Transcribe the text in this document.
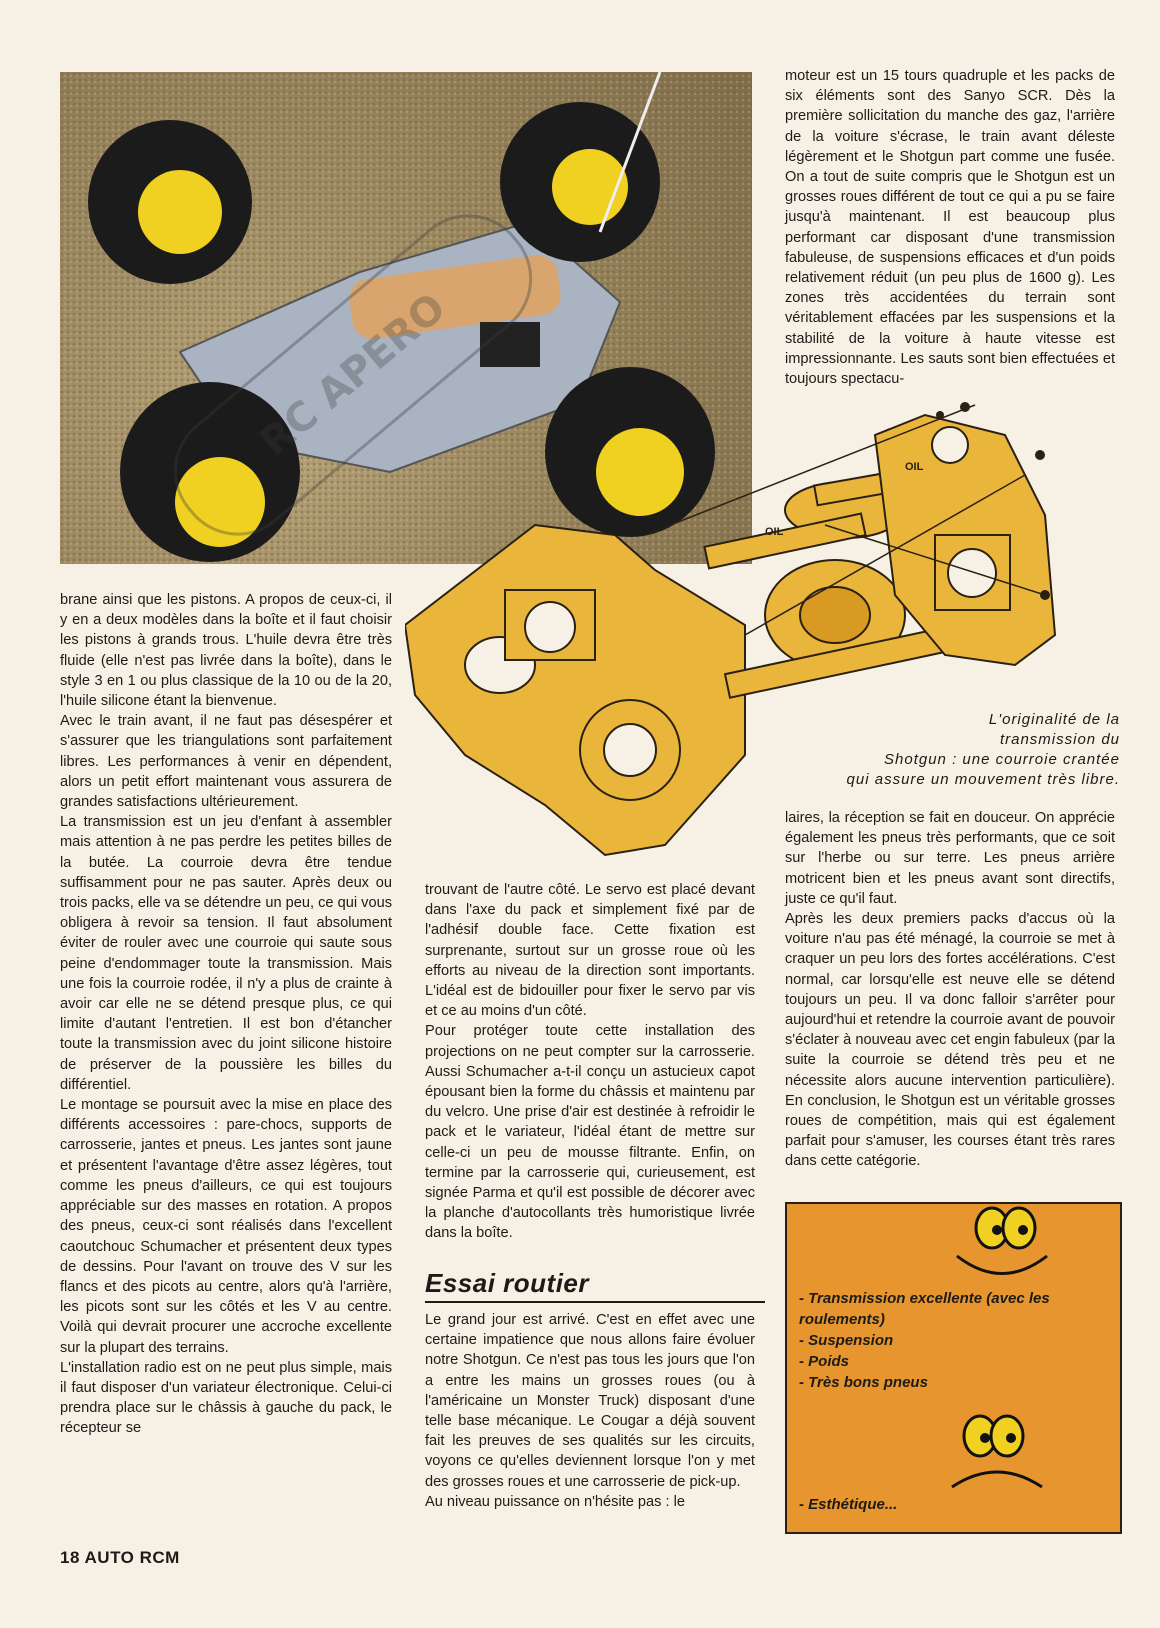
RC APERO

moteur est un 15 tours quadruple et les packs de six éléments sont des Sanyo SCR. Dès la première sollicitation du manche des gaz, l'arrière de la voiture s'écrase, le train avant déleste légèrement et le Shotgun part comme une fusée. On a tout de suite compris que le Shotgun est un grosses roues différent de tout ce qui a pu se faire jusqu'à maintenant. Il est beaucoup plus performant car disposant d'une transmission fabuleuse, de suspensions efficaces et d'un poids relativement réduit (un peu plus de 1600 g). Les zones très accidentées du terrain sont véritablement effacées par les suspensions et la stabilité de la voiture à haute vitesse est impressionnante. Les sauts sont bien effectuées et toujours spectacu-

OIL
OIL
L'originalité de la
transmission du
Shotgun : une courroie crantée
qui assure un mouvement très libre.

brane ainsi que les pistons. A propos de ceux-ci, il y en a deux modèles dans la boîte et il faut choisir les pistons à grands trous. L'huile devra être très fluide (elle n'est pas livrée dans la boîte), dans le style 3 en 1 ou plus classique de la 10 ou de la 20, l'huile silicone étant la bienvenue.

Avec le train avant, il ne faut pas désespérer et s'assurer que les triangulations sont parfaitement libres. Les performances à venir en dépendent, alors un petit effort maintenant vous assurera de grandes satisfactions ultérieurement.

La transmission est un jeu d'enfant à assembler mais attention à ne pas perdre les petites billes de la butée. La courroie devra être tendue suffisamment pour ne pas sauter. Après deux ou trois packs, elle va se détendre un peu, ce qui vous obligera à revoir sa tension. Il faut absolument éviter de rouler avec une courroie qui saute sous peine d'endommager toute la transmission. Mais une fois la courroie rodée, il n'y a plus de crainte à avoir car elle ne se détend presque plus, ce qui limite d'autant l'entretien. Il est bon d'étancher toute la transmission avec du joint silicone histoire de préserver de la poussière les billes du différentiel.

Le montage se poursuit avec la mise en place des différents accessoires : pare-chocs, supports de carrosserie, jantes et pneus. Les jantes sont jaune et présentent l'avantage d'être assez légères, tout comme les pneus d'ailleurs, ce qui est toujours appréciable sur des masses en rotation. A propos des pneus, ceux-ci sont réalisés dans l'excellent caoutchouc Schumacher et présentent deux types de dessins. Pour l'avant on trouve des V sur les flancs et des picots au centre, alors qu'à l'arrière, les picots sont sur les côtés et les V au centre. Voilà qui devrait procurer une accroche excellente sur la plupart des terrains.

L'installation radio est on ne peut plus simple, mais il faut disposer d'un variateur électronique. Celui-ci prendra place sur le châssis à gauche du pack, le récepteur se

trouvant de l'autre côté. Le servo est placé devant dans l'axe du pack et simplement fixé par de l'adhésif double face. Cette fixation est surprenante, surtout sur un grosse roue où les efforts au niveau de la direction sont importants. L'idéal est de bidouiller pour fixer le servo par vis et ce au moins d'un côté.

Pour protéger toute cette installation des projections on ne peut compter sur la carrosserie. Aussi Schumacher a-t-il conçu un astucieux capot épousant bien la forme du châssis et maintenu par du velcro. Une prise d'air est destinée à refroidir le pack et le variateur, l'idéal étant de mettre sur celle-ci un peu de mousse filtrante. Enfin, on termine par la carrosserie qui, curieusement, est signée Parma et qu'il est possible de décorer avec la planche d'autocollants très humoristique livrée dans la boîte.

Essai routier

Le grand jour est arrivé. C'est en effet avec une certaine impatience que nous allons faire évoluer notre Shotgun. Ce n'est pas tous les jours que l'on a entre les mains un grosses roues (ou à l'américaine un Monster Truck) disposant d'une telle base mécanique. Le Cougar a déjà souvent fait les preuves de ses qualités sur les circuits, voyons ce qu'elles deviennent lorsque l'on y met des grosses roues et une carrosserie de pick-up.

Au niveau puissance on n'hésite pas : le

laires, la réception se fait en douceur. On apprécie également les pneus très performants, que ce soit sur l'herbe ou sur terre. Les pneus arrière motricent bien et les pneus avant sont directifs, juste ce qu'il faut.

Après les deux premiers packs d'accus où la voiture n'au pas été ménagé, la courroie se met à craquer un peu lors des fortes accélérations. C'est normal, car lorsqu'elle est neuve elle se détend toujours un peu. Il va donc falloir s'arrêter pour aujourd'hui et retendre la courroie avant de pouvoir s'éclater à nouveau avec cet engin fabuleux (par la suite la courroie se détend très peu et ne nécessite alors aucune intervention particulière). En conclusion, le Shotgun est un véritable grosses roues de compétition, mais qui est également parfait pour s'amuser, les courses étant très rares dans cette catégorie.

- Transmission excellente (avec les roulements)
- Suspension
- Poids
- Très bons pneus
- Esthétique...
18 AUTO RCM
